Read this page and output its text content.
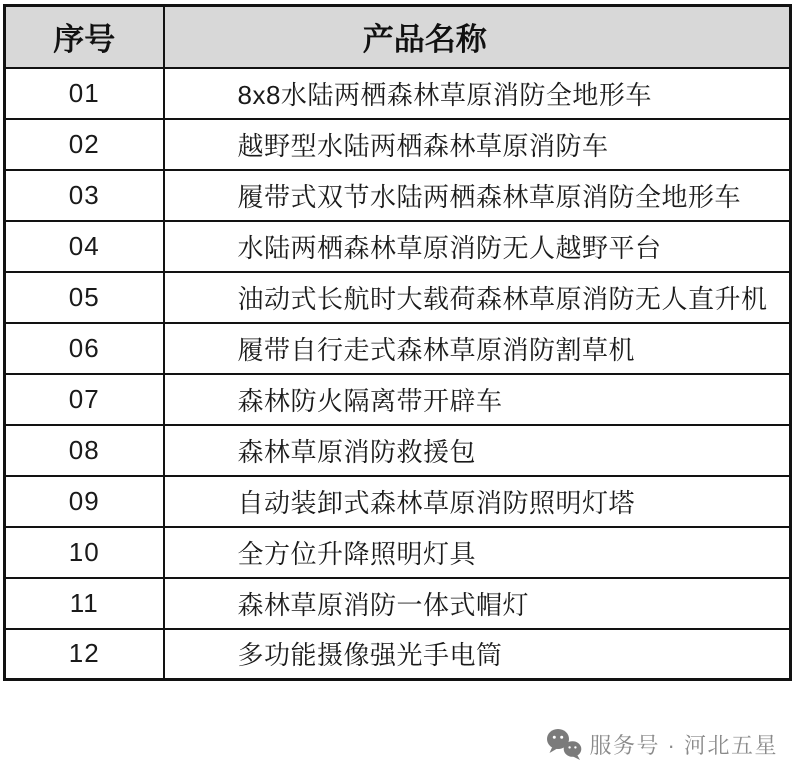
序号	产品名称
01	8x8水陆两栖森林草原消防全地形车
02	越野型水陆两栖森林草原消防车
03	履带式双节水陆两栖森林草原消防全地形车
04	水陆两栖森林草原消防无人越野平台
05	油动式长航时大载荷森林草原消防无人直升机
06	履带自行走式森林草原消防割草机
07	森林防火隔离带开辟车
08	森林草原消防救援包
09	自动装卸式森林草原消防照明灯塔
10	全方位升降照明灯具
11	森林草原消防一体式帽灯
12	多功能摄像强光手电筒
服务号 · 河北五星
